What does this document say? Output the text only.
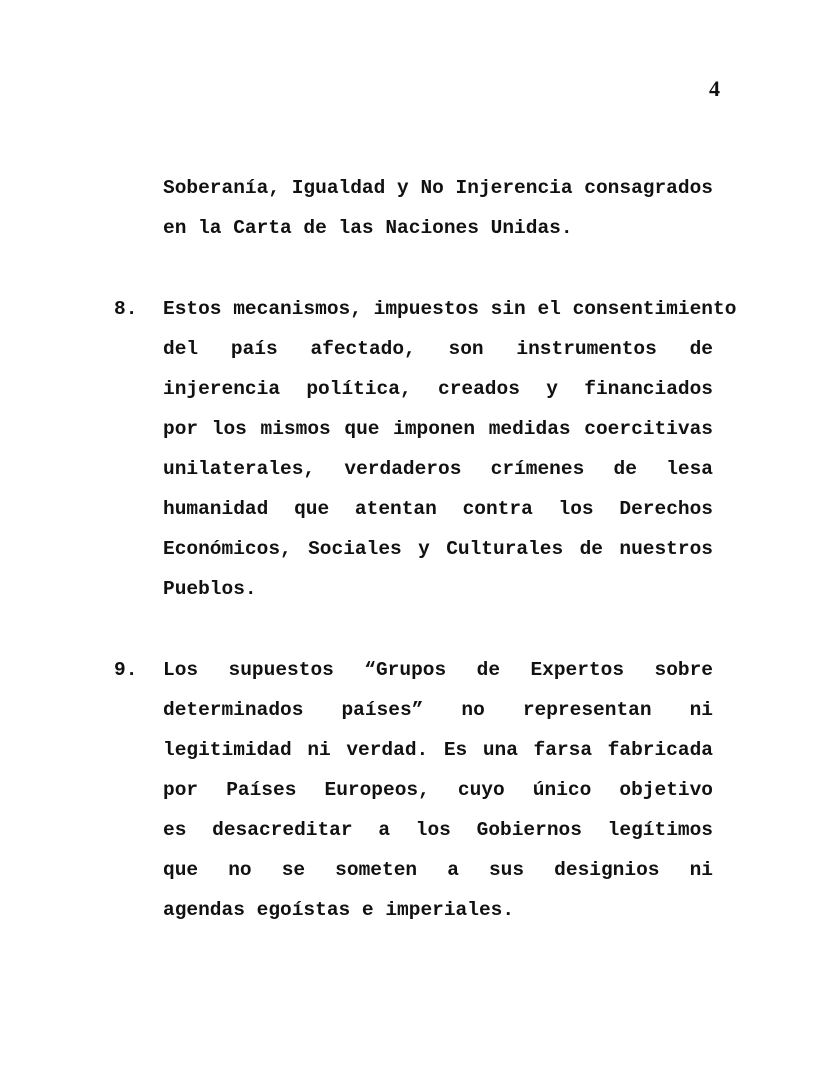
4
Soberanía, Igualdad y No Injerencia consagrados
en la Carta de las Naciones Unidas.
8. Estos mecanismos, impuestos sin el consentimiento
del país afectado, son instrumentos de
injerencia política, creados y financiados
por los mismos que imponen medidas coercitivas
unilaterales, verdaderos crímenes de lesa
humanidad que atentan contra los Derechos
Económicos, Sociales y Culturales de nuestros
Pueblos.
9. Los supuestos “Grupos de Expertos sobre
determinados países” no representan ni
legitimidad ni verdad. Es una farsa fabricada
por Países Europeos, cuyo único objetivo
es desacreditar a los Gobiernos legítimos
que no se someten a sus designios ni
agendas egoístas e imperiales.
